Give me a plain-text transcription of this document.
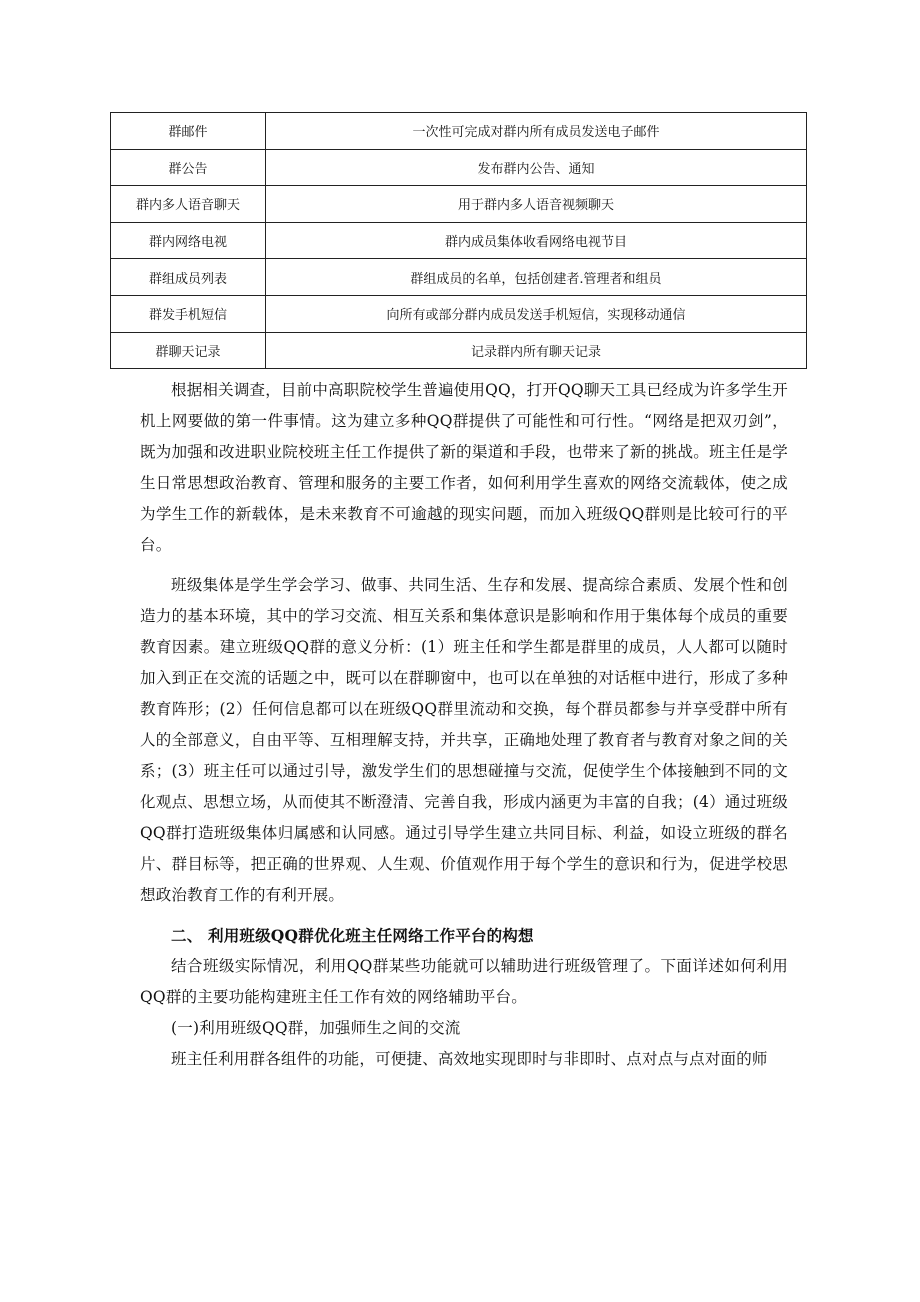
群邮件	一次性可完成对群内所有成员发送电子邮件
群公告	发布群内公告、通知
群内多人语音聊天	用于群内多人语音视频聊天
群内网络电视	群内成员集体收看网络电视节目
群组成员列表	群组成员的名单，包括创建者.管理者和组员
群发手机短信	向所有或部分群内成员发送手机短信，实现移动通信
群聊天记录	记录群内所有聊天记录

根据相关调查，目前中高职院校学生普遍使用QQ，打开QQ聊天工具已经成为许多学生开机上网要做的第一件事情。这为建立多种QQ群提供了可能性和可行性。“网络是把双刃剑”，既为加强和改进职业院校班主任工作提供了新的渠道和手段，也带来了新的挑战。班主任是学生日常思想政治教育、管理和服务的主要工作者，如何利用学生喜欢的网络交流载体，使之成为学生工作的新载体，是未来教育不可逾越的现实问题，而加入班级QQ群则是比较可行的平台。

班级集体是学生学会学习、做事、共同生活、生存和发展、提高综合素质、发展个性和创造力的基本环境，其中的学习交流、相互关系和集体意识是影响和作用于集体每个成员的重要教育因素。建立班级QQ群的意义分析：(1）班主任和学生都是群里的成员，人人都可以随时加入到正在交流的话题之中，既可以在群聊窗中，也可以在单独的对话框中进行，形成了多种教育阵形；(2）任何信息都可以在班级QQ群里流动和交换，每个群员都参与并享受群中所有人的全部意义，自由平等、互相理解支持，并共享，正确地处理了教育者与教育对象之间的关系；(3）班主任可以通过引导，激发学生们的思想碰撞与交流，促使学生个体接触到不同的文化观点、思想立场，从而使其不断澄清、完善自我，形成内涵更为丰富的自我；(4）通过班级QQ群打造班级集体归属感和认同感。通过引导学生建立共同目标、利益，如设立班级的群名片、群目标等，把正确的世界观、人生观、价值观作用于每个学生的意识和行为，促进学校思想政治教育工作的有利开展。

二、 利用班级QQ群优化班主任网络工作平台的构想

结合班级实际情况，利用QQ群某些功能就可以辅助进行班级管理了。下面详述如何利用QQ群的主要功能构建班主任工作有效的网络辅助平台。

(一)利用班级QQ群，加强师生之间的交流

班主任利用群各组件的功能，可便捷、高效地实现即时与非即时、点对点与点对面的师
